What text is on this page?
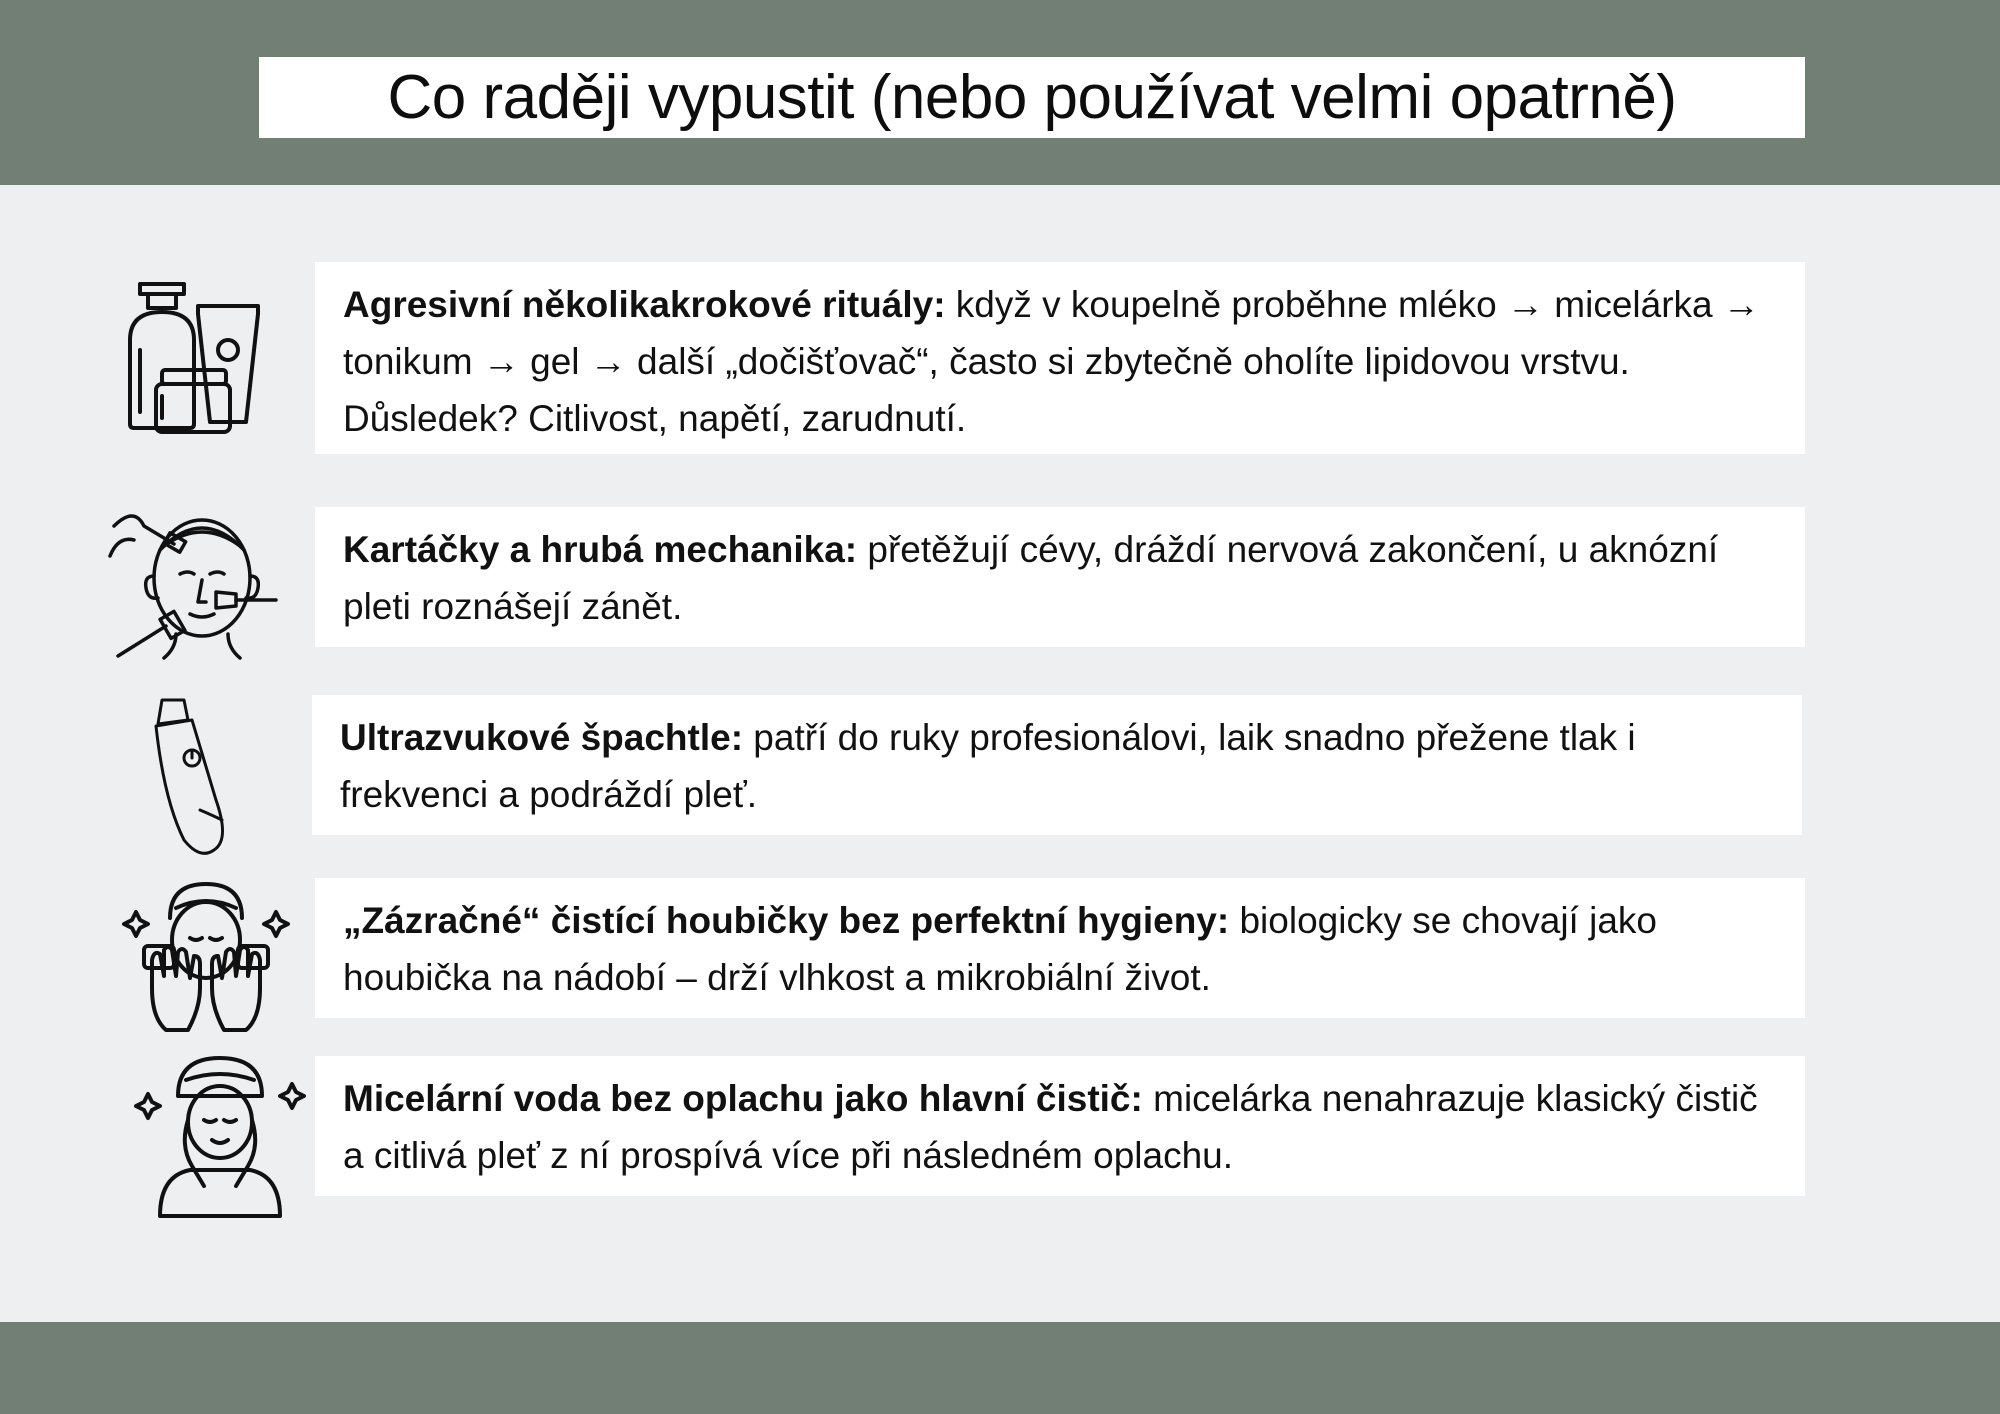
Co raději vypustit (nebo používat velmi opatrně)
Agresivní několikakrokové rituály: když v koupelně proběhne mléko → micelárka → tonikum → gel → další „dočišťovač“, často si zbytečně oholíte lipidovou vrstvu. Důsledek? Citlivost, napětí, zarudnutí.
Kartáčky a hrubá mechanika: přetěžují cévy, dráždí nervová zakončení, u aknózní pleti roznášejí zánět.
Ultrazvukové špachtle: patří do ruky profesionálovi, laik snadno přežene tlak i frekvenci a podráždí pleť.
„Zázračné“ čistící houbičky bez perfektní hygieny: biologicky se chovají jako houbička na nádobí – drží vlhkost a mikrobiální život.
Micelární voda bez oplachu jako hlavní čistič: micelárka nenahrazuje klasický čistič a citlivá pleť z ní prospívá více při následném oplachu.
